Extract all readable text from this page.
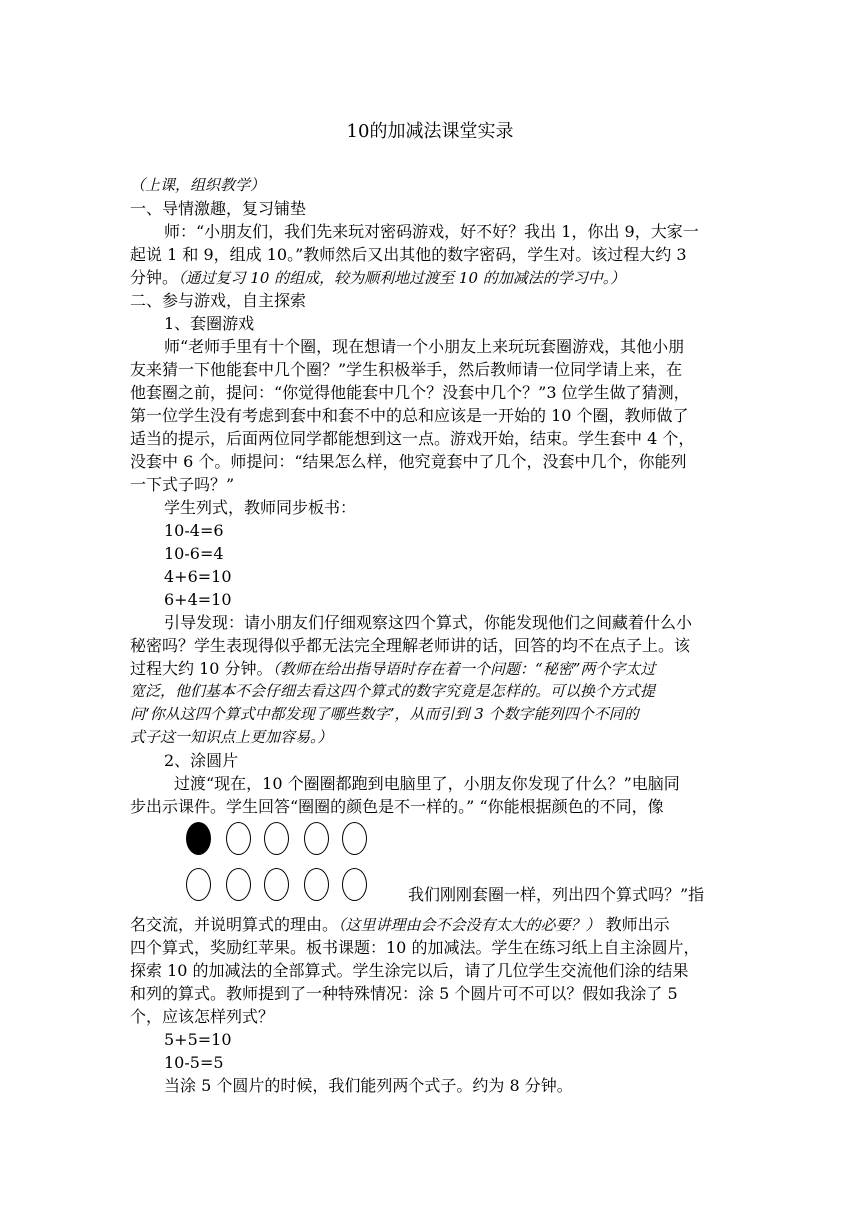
10的加减法课堂实录
（上课，组织教学）
一、导情激趣，复习铺垫
师：“小朋友们，我们先来玩对密码游戏，好不好？我出 1，你出 9，大家一
起说 1 和 9，组成 10。”教师然后又出其他的数字密码，学生对。该过程大约 3
分钟。（通过复习 10 的组成，较为顺利地过渡至 10 的加减法的学习中。）
二、参与游戏，自主探索
1、套圈游戏
师“老师手里有十个圈，现在想请一个小朋友上来玩玩套圈游戏，其他小朋
友来猜一下他能套中几个圈？”学生积极举手，然后教师请一位同学请上来，在
他套圈之前，提问：“你觉得他能套中几个？没套中几个？”3 位学生做了猜测，
第一位学生没有考虑到套中和套不中的总和应该是一开始的 10 个圈，教师做了
适当的提示，后面两位同学都能想到这一点。游戏开始，结束。学生套中 4 个，
没套中 6 个。师提问：“结果怎么样，他究竟套中了几个，没套中几个，你能列
一下式子吗？”
学生列式，教师同步板书：
10-4=6
10-6=4
4+6=10
6+4=10
引导发现：请小朋友们仔细观察这四个算式，你能发现他们之间藏着什么小
秘密吗？学生表现得似乎都无法完全理解老师讲的话，回答的均不在点子上。该
过程大约 10 分钟。（教师在给出指导语时存在着一个问题：“秘密”两个字太过
宽泛，他们基本不会仔细去看这四个算式的数字究竟是怎样的。可以换个方式提
问‘你从这四个算式中都发现了哪些数字’，从而引到 3 个数字能列四个不同的
式子这一知识点上更加容易。）
2、涂圆片
过渡“现在，10 个圈圈都跑到电脑里了，小朋友你发现了什么？”电脑同
步出示课件。学生回答“圈圈的颜色是不一样的。” “你能根据颜色的不同，像
我们刚刚套圈一样，列出四个算式吗？”指
名交流，并说明算式的理由。（这里讲理由会不会没有太大的必要？） 教师出示
四个算式，奖励红苹果。板书课题：10 的加减法。学生在练习纸上自主涂圆片，
探索 10 的加减法的全部算式。学生涂完以后，请了几位学生交流他们涂的结果
和列的算式。教师提到了一种特殊情况：涂 5 个圆片可不可以？假如我涂了 5
个，应该怎样列式？
5+5=10
10-5=5
当涂 5 个圆片的时候，我们能列两个式子。约为 8 分钟。
